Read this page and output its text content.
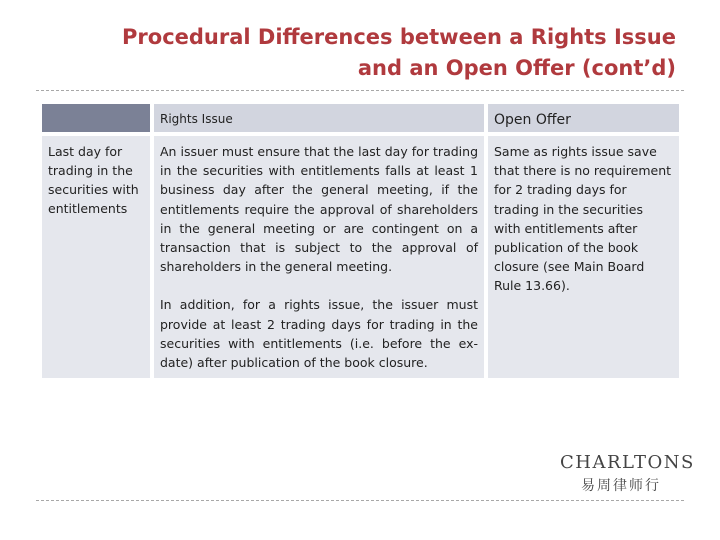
Procedural Differences between a Rights Issue
and an Open Offer (cont’d)
Rights Issue	Open Offer
Last day for trading in the securities with entitlements

An issuer must ensure that the last day for trading in the securities with entitlements falls at least 1 business day after the general meeting, if the entitlements require the approval of shareholders in the general meeting or are contingent on a transaction that is subject to the approval of shareholders in the general meeting.

In addition, for a rights issue, the issuer must provide at least 2 trading days for trading in the securities with entitlements (i.e. before the ex-date) after publication of the book closure.

Same as rights issue save that there is no requirement for 2 trading days for trading in the securities with entitlements after publication of the book closure (see Main Board Rule 13.66).
CHARLTONS
易周律师行
